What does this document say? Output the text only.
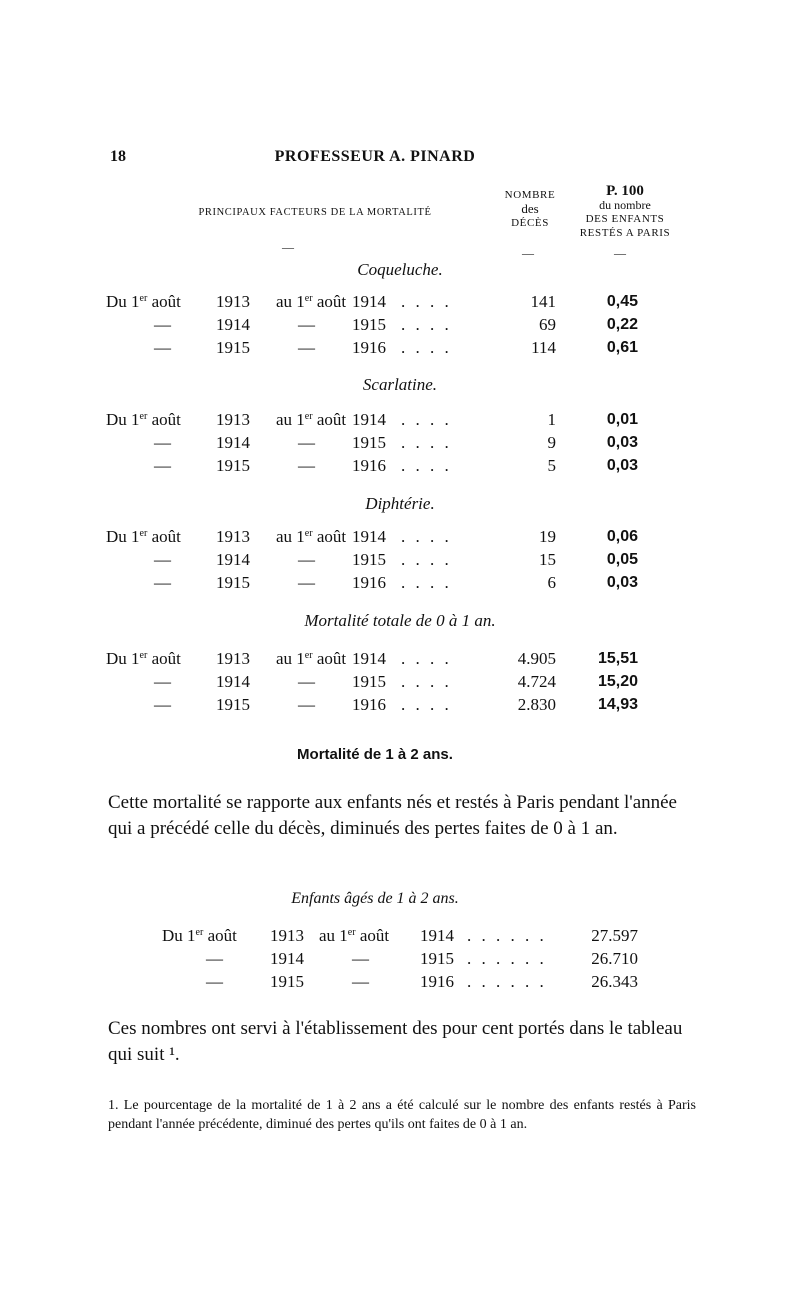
18	PROFESSEUR A. PINARD
PRINCIPAUX FACTEURS DE LA MORTALITÉ
NOMBRE
des
DÉCÈS
P. 100
du nombre
DES ENFANTS
RESTÉS A PARIS
—	—	—
Coqueluche.
Du 1er août	1913 au 1er août 1914 . . . .	141	0,45
—	1914	— 1915 . . . .	69	0,22
—	1915	— 1916 . . . .	114	0,61
Scarlatine.
Du 1er août	1913 au 1er août 1914 . . . .	1	0,01
—	1914	— 1915 . . . .	9	0,03
—	1915	— 1916 . . . .	5	0,03
Diphtérie.
Du 1er août	1913 au 1er août 1914 . . . .	19	0,06
—	1914	— 1915 . . . .	15	0,05
—	1915	— 1916 . . . .	6	0,03
Mortalité totale de 0 à 1 an.
Du 1er août	1913 au 1er août 1914 . . . .	4.905	15,51
—	1914	— 1915 . . . .	4.724	15,20
—	1915	— 1916 . . . .	2.830	14,93
Mortalité de 1 à 2 ans.
Cette mortalité se rapporte aux enfants nés et restés à Paris pendant l'année qui a précédé celle du décès, diminués des pertes faites de 0 à 1 an.
Enfants âgés de 1 à 2 ans.
Du 1er août 1913 au 1er août 1914 . . . . . .	27.597
—	1914	—	1915 . . . . . .	26.710
—	1915	—	1916 . . . . . .	26.343
Ces nombres ont servi à l'établissement des pour cent portés dans le tableau qui suit ¹.
1. Le pourcentage de la mortalité de 1 à 2 ans a été calculé sur le nombre des enfants restés à Paris pendant l'année précédente, diminué des pertes qu'ils ont faites de 0 à 1 an.
